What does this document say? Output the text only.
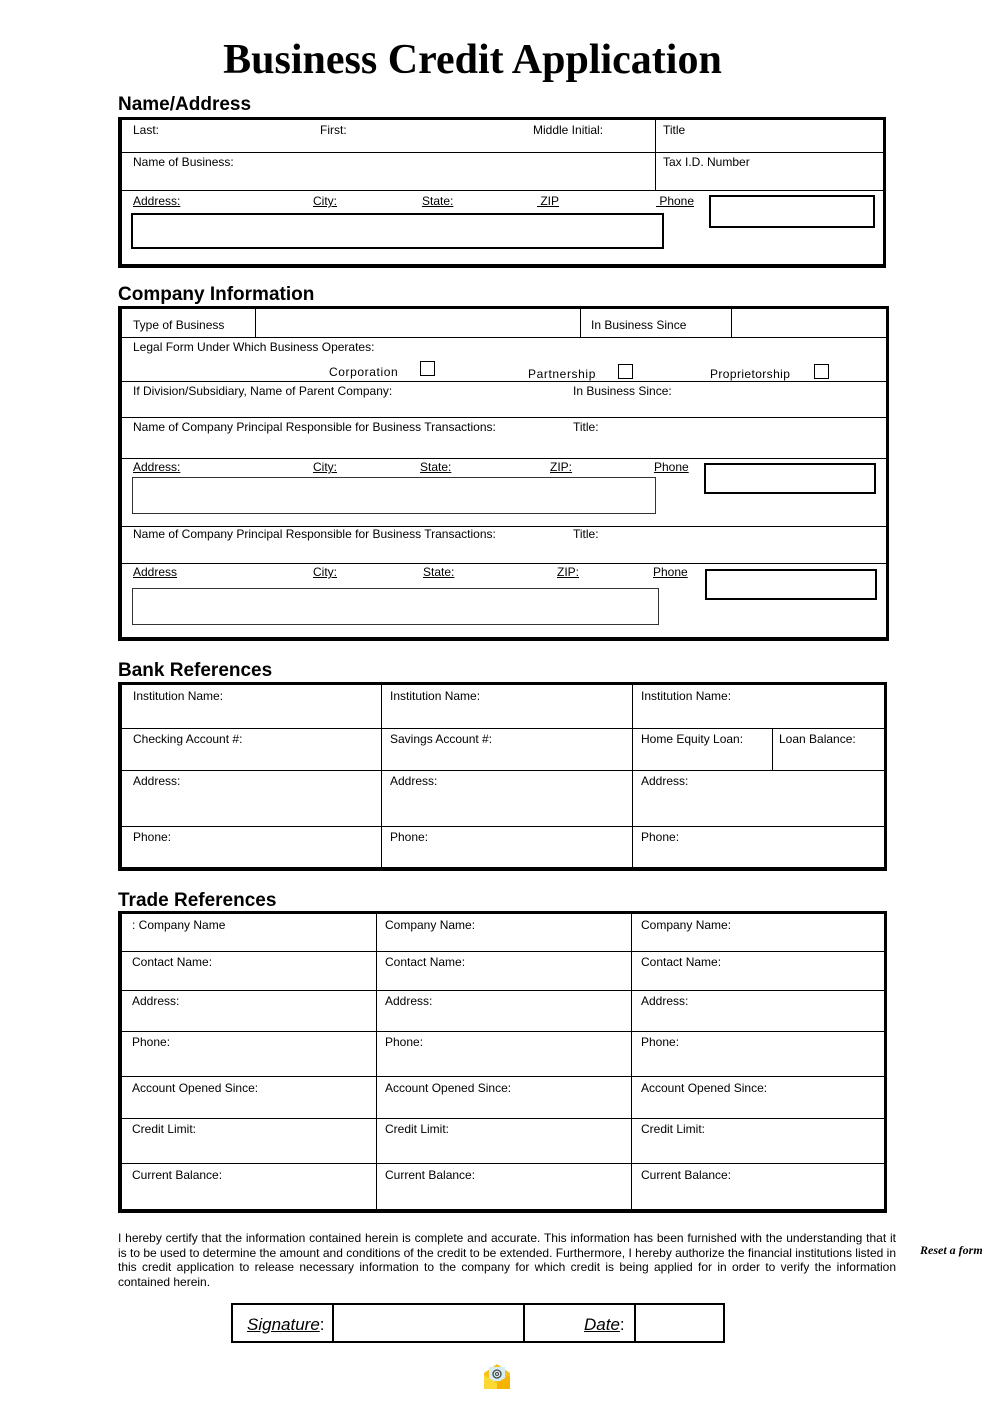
Business Credit Application
Name/Address
Last:	First:	Middle Initial:	Title
Name of Business:	Tax I.D. Number
Address:	City:	State:	ZIP	Phone
Company Information
Type of Business	In Business Since
Legal Form Under Which Business Operates:
Corporation	Partnership	Proprietorship
If Division/Subsidiary, Name of Parent Company:	In Business Since:
Name of Company Principal Responsible for Business Transactions:	Title:
Address:	City:	State:	ZIP:	Phone
Name of Company Principal Responsible for Business Transactions:	Title:
Address	City:	State:	ZIP:	Phone
Bank References
Institution Name:	Institution Name:	Institution Name:
Checking Account #:	Savings Account #:	Home Equity Loan:	Loan Balance:
Address:	Address:	Address:
Phone:	Phone:	Phone:
Trade References
: Company Name	Company Name:	Company Name:
Contact Name:	Contact Name:	Contact Name:
Address:	Address:	Address:
Phone:	Phone:	Phone:
Account Opened Since:	Account Opened Since:	Account Opened Since:
Credit Limit:	Credit Limit:	Credit Limit:
Current Balance:	Current Balance:	Current Balance:
I hereby certify that the information contained herein is complete and accurate. This information has been furnished with the understanding that it is to be used to determine the amount and conditions of the credit to be extended. Furthermore, I hereby authorize the financial institutions listed in this credit application to release necessary information to the company for which credit is being applied for in order to verify the information contained herein.
Reset a form
Signature:	Date:
